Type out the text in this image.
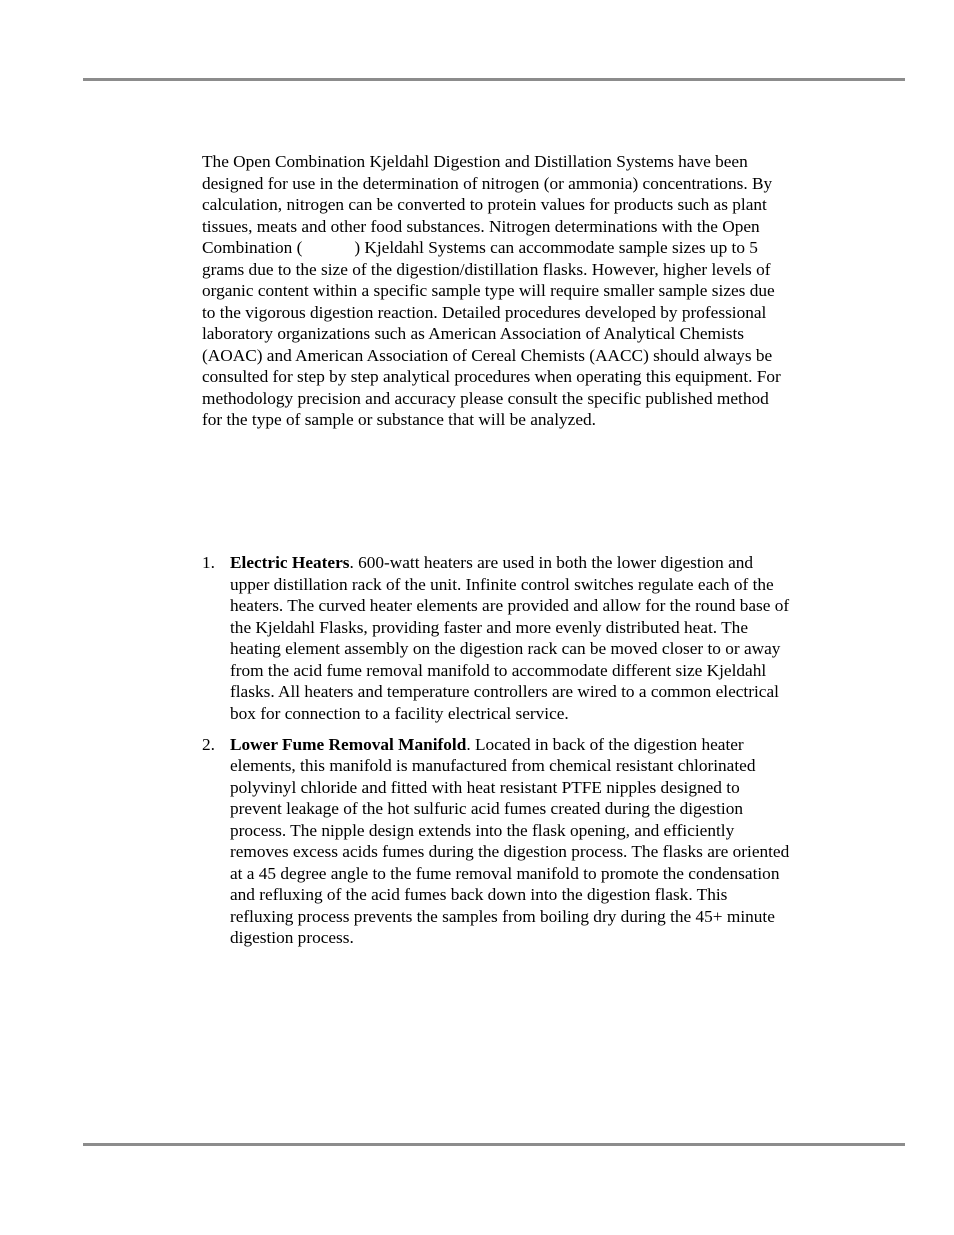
The Open Combination Kjeldahl Digestion and Distillation Systems have been designed for use in the determination of nitrogen (or ammonia) concentrations. By calculation, nitrogen can be converted to protein values for products such as plant tissues, meats and other food substances. Nitrogen determinations with the Open Combination (	) Kjeldahl Systems can accommodate sample sizes up to 5 grams due to the size of the digestion/distillation flasks. However, higher levels of organic content within a specific sample type will require smaller sample sizes due to the vigorous digestion reaction. Detailed procedures developed by professional laboratory organizations such as American Association of Analytical Chemists (AOAC) and American Association of Cereal Chemists (AACC) should always be consulted for step by step analytical procedures when operating this equipment. For methodology precision and accuracy please consult the specific published method for the type of sample or substance that will be analyzed.

1. Electric Heaters. 600-watt heaters are used in both the lower digestion and upper distillation rack of the unit. Infinite control switches regulate each of the heaters. The curved heater elements are provided and allow for the round base of the Kjeldahl Flasks, providing faster and more evenly distributed heat. The heating element assembly on the digestion rack can be moved closer to or away from the acid fume removal manifold to accommodate different size Kjeldahl flasks. All heaters and temperature controllers are wired to a common electrical box for connection to a facility electrical service.
2. Lower Fume Removal Manifold. Located in back of the digestion heater elements, this manifold is manufactured from chemical resistant chlorinated polyvinyl chloride and fitted with heat resistant PTFE nipples designed to prevent leakage of the hot sulfuric acid fumes created during the digestion process. The nipple design extends into the flask opening, and efficiently removes excess acids fumes during the digestion process. The flasks are oriented at a 45 degree angle to the fume removal manifold to promote the condensation and refluxing of the acid fumes back down into the digestion flask. This refluxing process prevents the samples from boiling dry during the 45+ minute digestion process.
